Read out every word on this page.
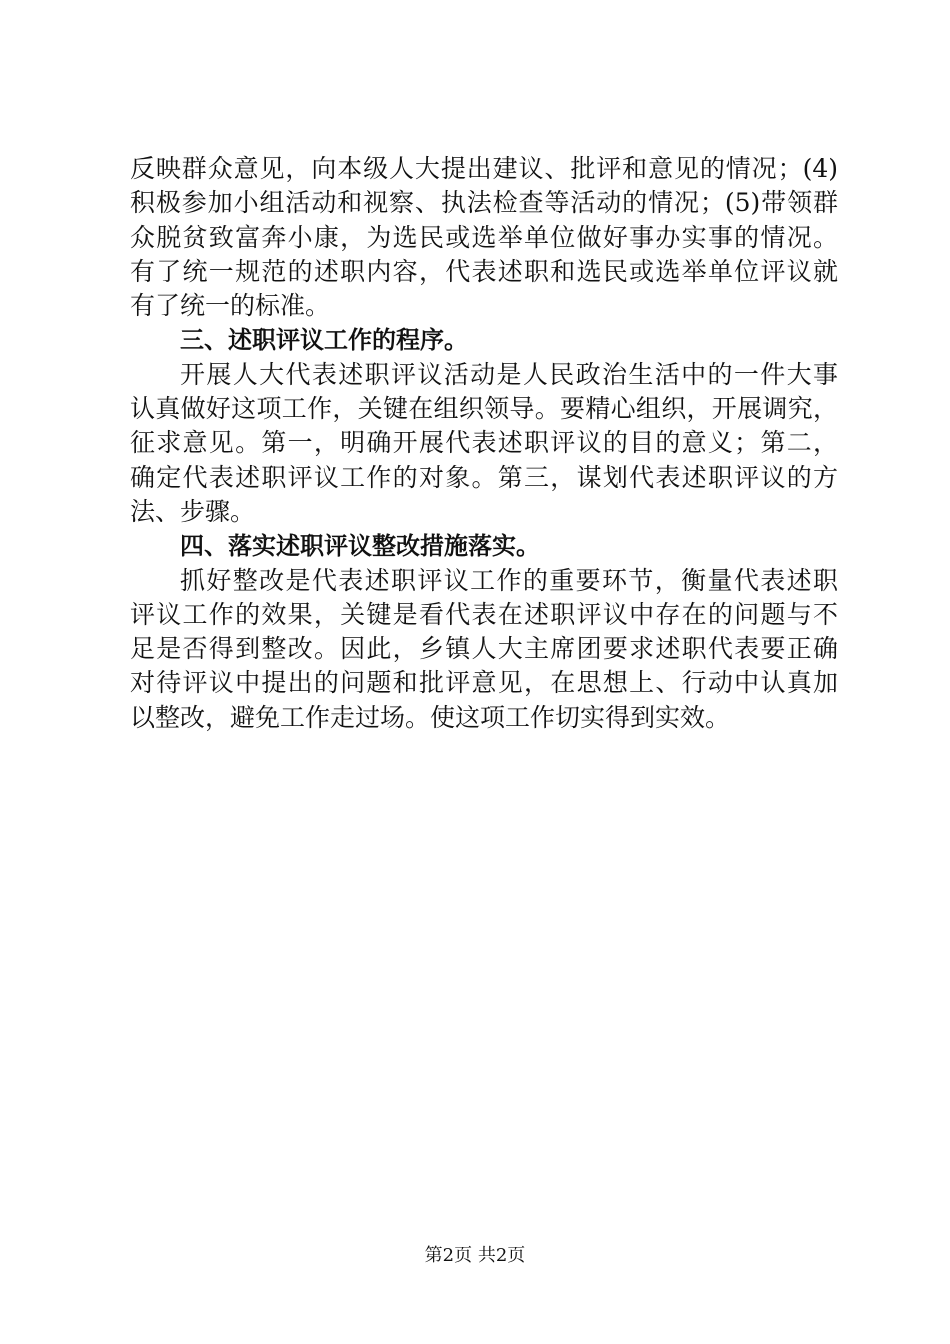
反映群众意见，向本级人大提出建议、批评和意见的情况；(4)
积极参加小组活动和视察、执法检查等活动的情况；(5)带领群
众脱贫致富奔小康，为选民或选举单位做好事办实事的情况。
有了统一规范的述职内容，代表述职和选民或选举单位评议就
有了统一的标准。
三、述职评议工作的程序。
开展人大代表述职评议活动是人民政治生活中的一件大事
认真做好这项工作，关键在组织领导。要精心组织，开展调究，
征求意见。第一，明确开展代表述职评议的目的意义；第二，
确定代表述职评议工作的对象。第三，谋划代表述职评议的方
法、步骤。
四、落实述职评议整改措施落实。
抓好整改是代表述职评议工作的重要环节，衡量代表述职
评议工作的效果，关键是看代表在述职评议中存在的问题与不
足是否得到整改。因此，乡镇人大主席团要求述职代表要正确
对待评议中提出的问题和批评意见，在思想上、行动中认真加
以整改，避免工作走过场。使这项工作切实得到实效。
第2页 共2页
